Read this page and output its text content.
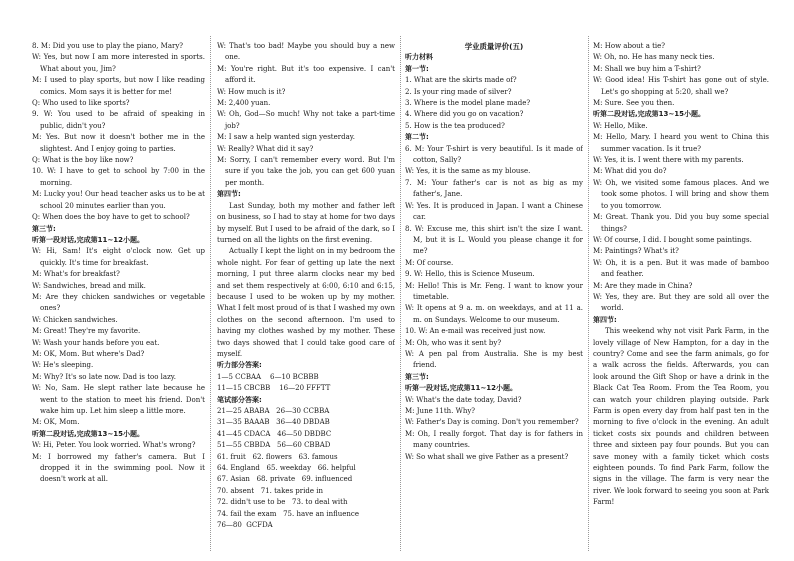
8. M: Did you use to play the piano, Mary?

W: Yes, but now I am more interested in sports. What about you, Jim?

M: I used to play sports, but now I like reading comics. Mom says it is better for me!

Q: Who used to like sports?

9. W: You used to be afraid of speaking in public, didn't you?

M: Yes. But now it doesn't bother me in the slightest. And I enjoy going to parties.

Q: What is the boy like now?

10. W: I have to get to school by 7:00 in the morning.

M: Lucky you! Our head teacher asks us to be at school 20 minutes earlier than you.

Q: When does the boy have to get to school?

第三节:

听第一段对话,完成第11~12小题。

W: Hi, Sam! It's eight o'clock now. Get up quickly. It's time for breakfast.

M: What's for breakfast?

W: Sandwiches, bread and milk.

M: Are they chicken sandwiches or vegetable ones?

W: Chicken sandwiches.

M: Great! They're my favorite.

W: Wash your hands before you eat.

M: OK, Mom. But where's Dad?

W: He's sleeping.

M: Why? It's so late now. Dad is too lazy.

W: No, Sam. He slept rather late because he went to the station to meet his friend. Don't wake him up. Let him sleep a little more.

M: OK, Mom.

听第二段对话,完成第13~15小题。

W: Hi, Peter. You look worried. What's wrong?

M: I borrowed my father's camera. But I dropped it in the swimming pool. Now it doesn't work at all.

W: That's too bad! Maybe you should buy a new one.

M: You're right. But it's too expensive. I can't afford it.

W: How much is it?

M: 2,400 yuan.

W: Oh, God—So much! Why not take a part-time job?

M: I saw a help wanted sign yesterday.

W: Really? What did it say?

M: Sorry, I can't remember every word. But I'm sure if you take the job, you can get 600 yuan per month.

第四节:

Last Sunday, both my mother and father left on business, so I had to stay at home for two days by myself. But I used to be afraid of the dark, so I turned on all the lights on the first evening.

Actually I kept the light on in my bedroom the whole night. For fear of getting up late the next morning, I put three alarm clocks near my bed and set them respectively at 6:00, 6:10 and 6:15, because I used to be woken up by my mother. What I felt most proud of is that I washed my own clothes on the second afternoon. I'm used to having my clothes washed by my mother. These two days showed that I could take good care of myself.

听力部分答案:

1—5 CCBAA    6—10 BCBBB

11—15 CBCBB    16—20 FFFTT

笔试部分答案:

21—25 ABABA   26—30 CCBBA

31—35 BAAAB   36—40 DBDAB

41—45 CDACA   46—50 DBDBC

51—55 CBBDA   56—60 CBBAD

61. fruit   62. flowers   63. famous

64. England   65. weekday   66. helpful

67. Asian   68. private   69. influenced

70. absent   71. takes pride in

72. didn't use to be   73. to deal with

74. fail the exam   75. have an influence

76—80  GCFDA

学业质量评价(五)

听力材料

第一节:

1. What are the skirts made of?

2. Is your ring made of silver?

3. Where is the model plane made?

4. Where did you go on vacation?

5. How is the tea produced?

第二节:

6. M: Your T-shirt is very beautiful. Is it made of cotton, Sally?

W: Yes, it is the same as my blouse.

7. M: Your father's car is not as big as my father's, Jane.

W: Yes. It is produced in Japan. I want a Chinese car.

8. W: Excuse me, this shirt isn't the size I want. M, but it is L. Would you please change it for me?

M: Of course.

9. W: Hello, this is Science Museum.

M: Hello! This is Mr. Feng. I want to know your timetable.

W: It opens at 9 a. m. on weekdays, and at 11 a. m. on Sundays. Welcome to our museum.

10. W: An e-mail was received just now.

M: Oh, who was it sent by?

W: A pen pal from Australia. She is my best friend.

第三节:

听第一段对话,完成第11~12小题。

W: What's the date today, David?

M: June 11th. Why?

W: Father's Day is coming. Don't you remember?

M: Oh, I really forgot. That day is for fathers in many countries.

W: So what shall we give Father as a present?

M: How about a tie?

W: Oh, no. He has many neck ties.

M: Shall we buy him a T-shirt?

W: Good idea! His T-shirt has gone out of style. Let's go shopping at 5:20, shall we?

M: Sure. See you then.

听第二段对话,完成第13~15小题。

W: Hello, Mike.

M: Hello, Mary. I heard you went to China this summer vacation. Is it true?

W: Yes, it is. I went there with my parents.

M: What did you do?

W: Oh, we visited some famous places. And we took some photos. I will bring and show them to you tomorrow.

M: Great. Thank you. Did you buy some special things?

W: Of course, I did. I bought some paintings.

M: Paintings? What's it?

W: Oh, it is a pen. But it was made of bamboo and feather.

M: Are they made in China?

W: Yes, they are. But they are sold all over the world.

第四节:

This weekend why not visit Park Farm, in the lovely village of New Hampton, for a day in the country? Come and see the farm animals, go for a walk across the fields. Afterwards, you can look around the Gift Shop or have a drink in the Black Cat Tea Room. From the Tea Room, you can watch your children playing outside. Park Farm is open every day from half past ten in the morning to five o'clock in the evening. An adult ticket costs six pounds and children between three and sixteen pay four pounds. But you can save money with a family ticket which costs eighteen pounds. To find Park Farm, follow the signs in the village. The farm is very near the river. We look forward to seeing you soon at Park Farm!
